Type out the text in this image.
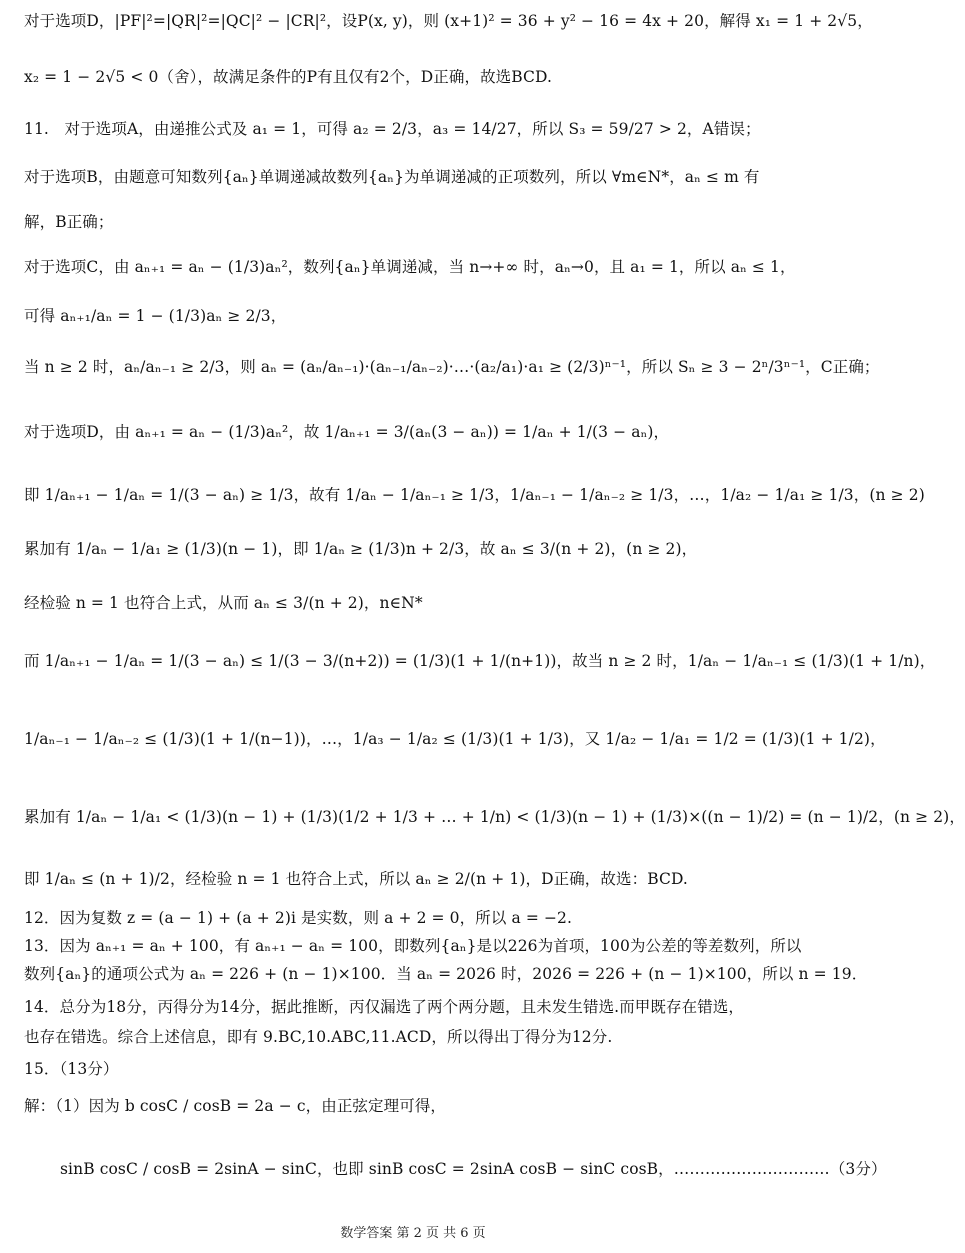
对于选项D，|PF|²=|QR|²=|QC|² − |CR|²，设P(x, y)，则 (x+1)² = 36 + y² − 16 = 4x + 20，解得 x₁ = 1 + 2√5，
x₂ = 1 − 2√5 < 0（舍），故满足条件的P有且仅有2个，D正确，故选BCD.
11.　对于选项A，由递推公式及 a₁ = 1，可得 a₂ = 2/3，a₃ = 14/27，所以 S₃ = 59/27 > 2，A错误；
对于选项B，由题意可知数列{aₙ}单调递减故数列{aₙ}为单调递减的正项数列，所以 ∀m∈N*，aₙ ≤ m 有
解，B正确；
对于选项C，由 aₙ₊₁ = aₙ − (1/3)aₙ²，数列{aₙ}单调递减，当 n→+∞ 时，aₙ→0，且 a₁ = 1，所以 aₙ ≤ 1，
可得 aₙ₊₁/aₙ = 1 − (1/3)aₙ ≥ 2/3，
当 n ≥ 2 时，aₙ/aₙ₋₁ ≥ 2/3，则 aₙ = (aₙ/aₙ₋₁)·(aₙ₋₁/aₙ₋₂)·…·(a₂/a₁)·a₁ ≥ (2/3)ⁿ⁻¹，所以 Sₙ ≥ 3 − 2ⁿ/3ⁿ⁻¹，C正确；
对于选项D，由 aₙ₊₁ = aₙ − (1/3)aₙ²，故 1/aₙ₊₁ = 3/(aₙ(3 − aₙ)) = 1/aₙ + 1/(3 − aₙ)，
即 1/aₙ₊₁ − 1/aₙ = 1/(3 − aₙ) ≥ 1/3，故有 1/aₙ − 1/aₙ₋₁ ≥ 1/3，1/aₙ₋₁ − 1/aₙ₋₂ ≥ 1/3，…，1/a₂ − 1/a₁ ≥ 1/3，(n ≥ 2)
累加有 1/aₙ − 1/a₁ ≥ (1/3)(n − 1)，即 1/aₙ ≥ (1/3)n + 2/3，故 aₙ ≤ 3/(n + 2)，(n ≥ 2)，
经检验 n = 1 也符合上式，从而 aₙ ≤ 3/(n + 2)，n∈N*
而 1/aₙ₊₁ − 1/aₙ = 1/(3 − aₙ) ≤ 1/(3 − 3/(n+2)) = (1/3)(1 + 1/(n+1))，故当 n ≥ 2 时，1/aₙ − 1/aₙ₋₁ ≤ (1/3)(1 + 1/n)，
1/aₙ₋₁ − 1/aₙ₋₂ ≤ (1/3)(1 + 1/(n−1))，…，1/a₃ − 1/a₂ ≤ (1/3)(1 + 1/3)，又 1/a₂ − 1/a₁ = 1/2 = (1/3)(1 + 1/2)，
累加有 1/aₙ − 1/a₁ < (1/3)(n − 1) + (1/3)(1/2 + 1/3 + … + 1/n) < (1/3)(n − 1) + (1/3)×((n − 1)/2) = (n − 1)/2，(n ≥ 2)，
即 1/aₙ ≤ (n + 1)/2，经检验 n = 1 也符合上式，所以 aₙ ≥ 2/(n + 1)，D正确，故选：BCD.
12．因为复数 z = (a − 1) + (a + 2)i 是实数，则 a + 2 = 0，所以 a = −2.
13．因为 aₙ₊₁ = aₙ + 100，有 aₙ₊₁ − aₙ = 100，即数列{aₙ}是以226为首项，100为公差的等差数列，所以
数列{aₙ}的通项公式为 aₙ = 226 + (n − 1)×100．当 aₙ = 2026 时，2026 = 226 + (n − 1)×100，所以 n = 19．
14．总分为18分，丙得分为14分，据此推断，丙仅漏选了两个两分题，且未发生错选.而甲既存在错选，
也存在错选。综合上述信息，即有 9.BC,10.ABC,11.ACD，所以得出丁得分为12分.
15．（13分）
解：（1）因为 b cosC / cosB = 2a − c，由正弦定理可得，
sinB cosC / cosB = 2sinA − sinC，也即 sinB cosC = 2sinA cosB − sinC cosB，…………………………（3分）
数学答案 第 2 页 共 6 页
